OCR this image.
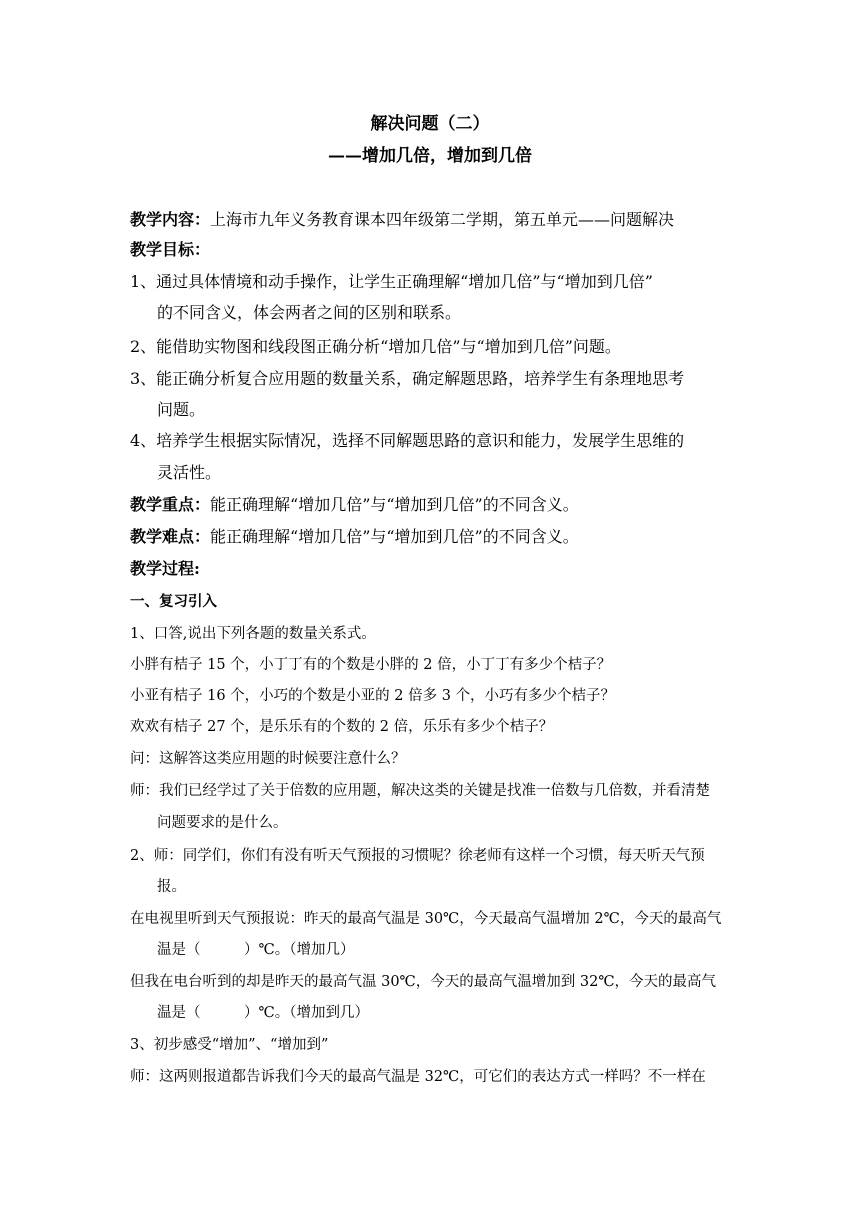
解决问题（二）
——增加几倍，增加到几倍
教学内容：上海市九年义务教育课本四年级第二学期，第五单元——问题解决
教学目标：
1、通过具体情境和动手操作，让学生正确理解“增加几倍”与“增加到几倍”
的不同含义，体会两者之间的区别和联系。
2、能借助实物图和线段图正确分析“增加几倍”与“增加到几倍”问题。
3、能正确分析复合应用题的数量关系，确定解题思路，培养学生有条理地思考
问题。
4、培养学生根据实际情况，选择不同解题思路的意识和能力，发展学生思维的
灵活性。
教学重点：能正确理解“增加几倍”与“增加到几倍”的不同含义。
教学难点：能正确理解“增加几倍”与“增加到几倍”的不同含义。
教学过程:
一、复习引入
1、口答,说出下列各题的数量关系式。
小胖有桔子 15 个，小丁丁有的个数是小胖的 2 倍，小丁丁有多少个桔子？
小亚有桔子 16 个，小巧的个数是小亚的 2 倍多 3 个，小巧有多少个桔子？
欢欢有桔子 27 个，是乐乐有的个数的 2 倍，乐乐有多少个桔子？
问：这解答这类应用题的时候要注意什么？
师：我们已经学过了关于倍数的应用题，解决这类的关键是找准一倍数与几倍数，并看清楚
问题要求的是什么。
2、师：同学们，你们有没有听天气预报的习惯呢？徐老师有这样一个习惯，每天听天气预
报。
在电视里听到天气预报说：昨天的最高气温是 30℃，今天最高气温增加 2℃，今天的最高气
温是（　　　）℃。（增加几）
但我在电台听到的却是昨天的最高气温 30℃，今天的最高气温增加到 32℃，今天的最高气
温是（　　　）℃。（增加到几）
3、初步感受“增加”、“增加到”
师：这两则报道都告诉我们今天的最高气温是 32℃，可它们的表达方式一样吗？不一样在
